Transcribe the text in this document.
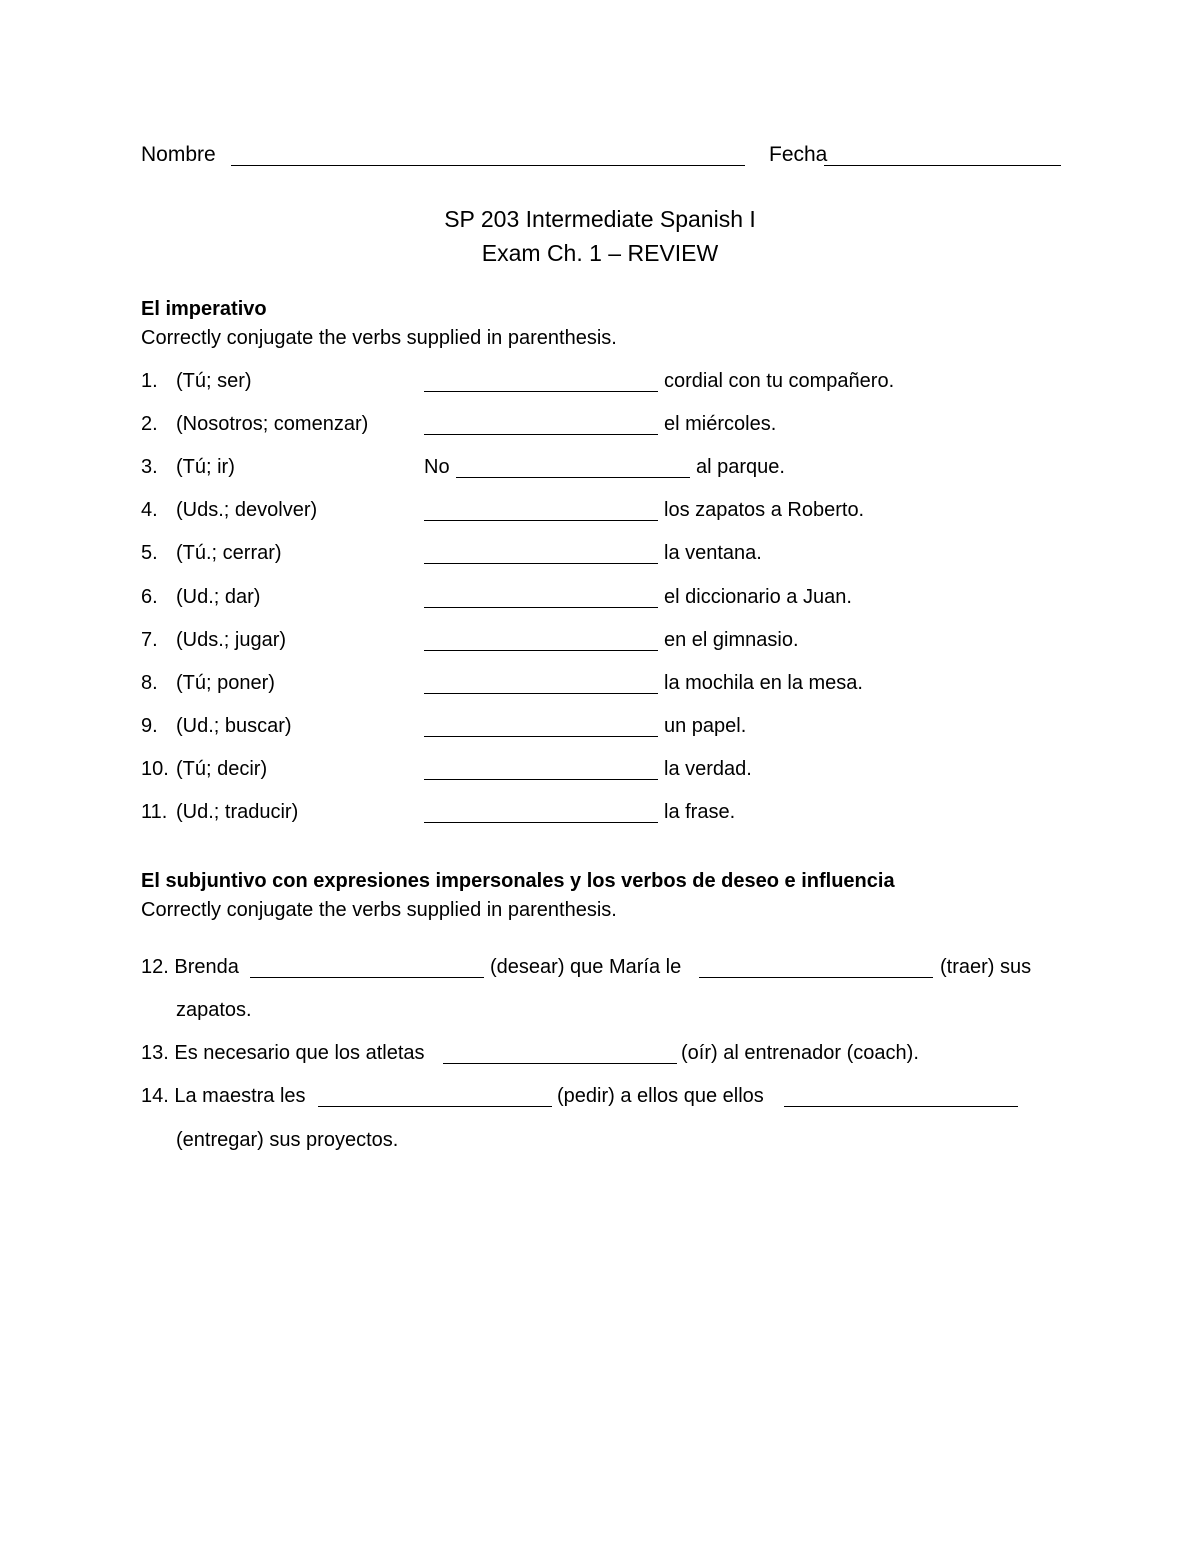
Nombre	Fecha
SP 203 Intermediate Spanish I
Exam Ch. 1 – REVIEW
El imperativo
Correctly conjugate the verbs supplied in parenthesis.
1. (Tú; ser)	cordial con tu compañero.
2. (Nosotros; comenzar)	el miércoles.
3. (Tú; ir)	No	al parque.
4. (Uds.; devolver)	los zapatos a Roberto.
5. (Tú.; cerrar)	la ventana.
6. (Ud.; dar)	el diccionario a Juan.
7. (Uds.; jugar)	en el gimnasio.
8. (Tú; poner)	la mochila en la mesa.
9. (Ud.; buscar)	un papel.
10. (Tú; decir)	la verdad.
11. (Ud.; traducir)	la frase.
El subjuntivo con expresiones impersonales y los verbos de deseo e influencia
Correctly conjugate the verbs supplied in parenthesis.
12. Brenda	(desear) que María le	(traer) sus
zapatos.
13. Es necesario que los atletas	(oír) al entrenador (coach).
14. La maestra les	(pedir) a ellos que ellos
(entregar) sus proyectos.
